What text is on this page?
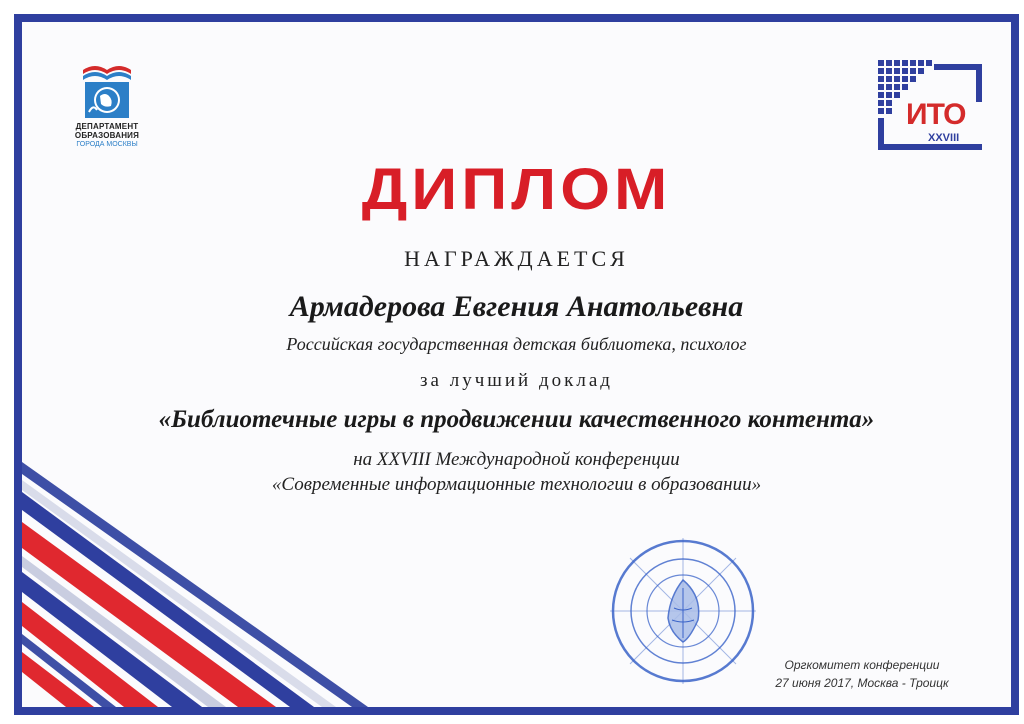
ДЕПАРТАМЕНТ
ОБРАЗОВАНИЯ
ГОРОДА МОСКВЫ
ИТО
XXVIII
ДИПЛОМ
НАГРАЖДАЕТСЯ
Армадерова Евгения Анатольевна
Российская государственная детская библиотека, психолог
за лучший доклад
«Библиотечные игры в продвижении качественного контента»
на XXVIII Международной конференции
«Современные информационные технологии в образовании»
Оргкомитет конференции
27 июня 2017, Москва - Троицк
